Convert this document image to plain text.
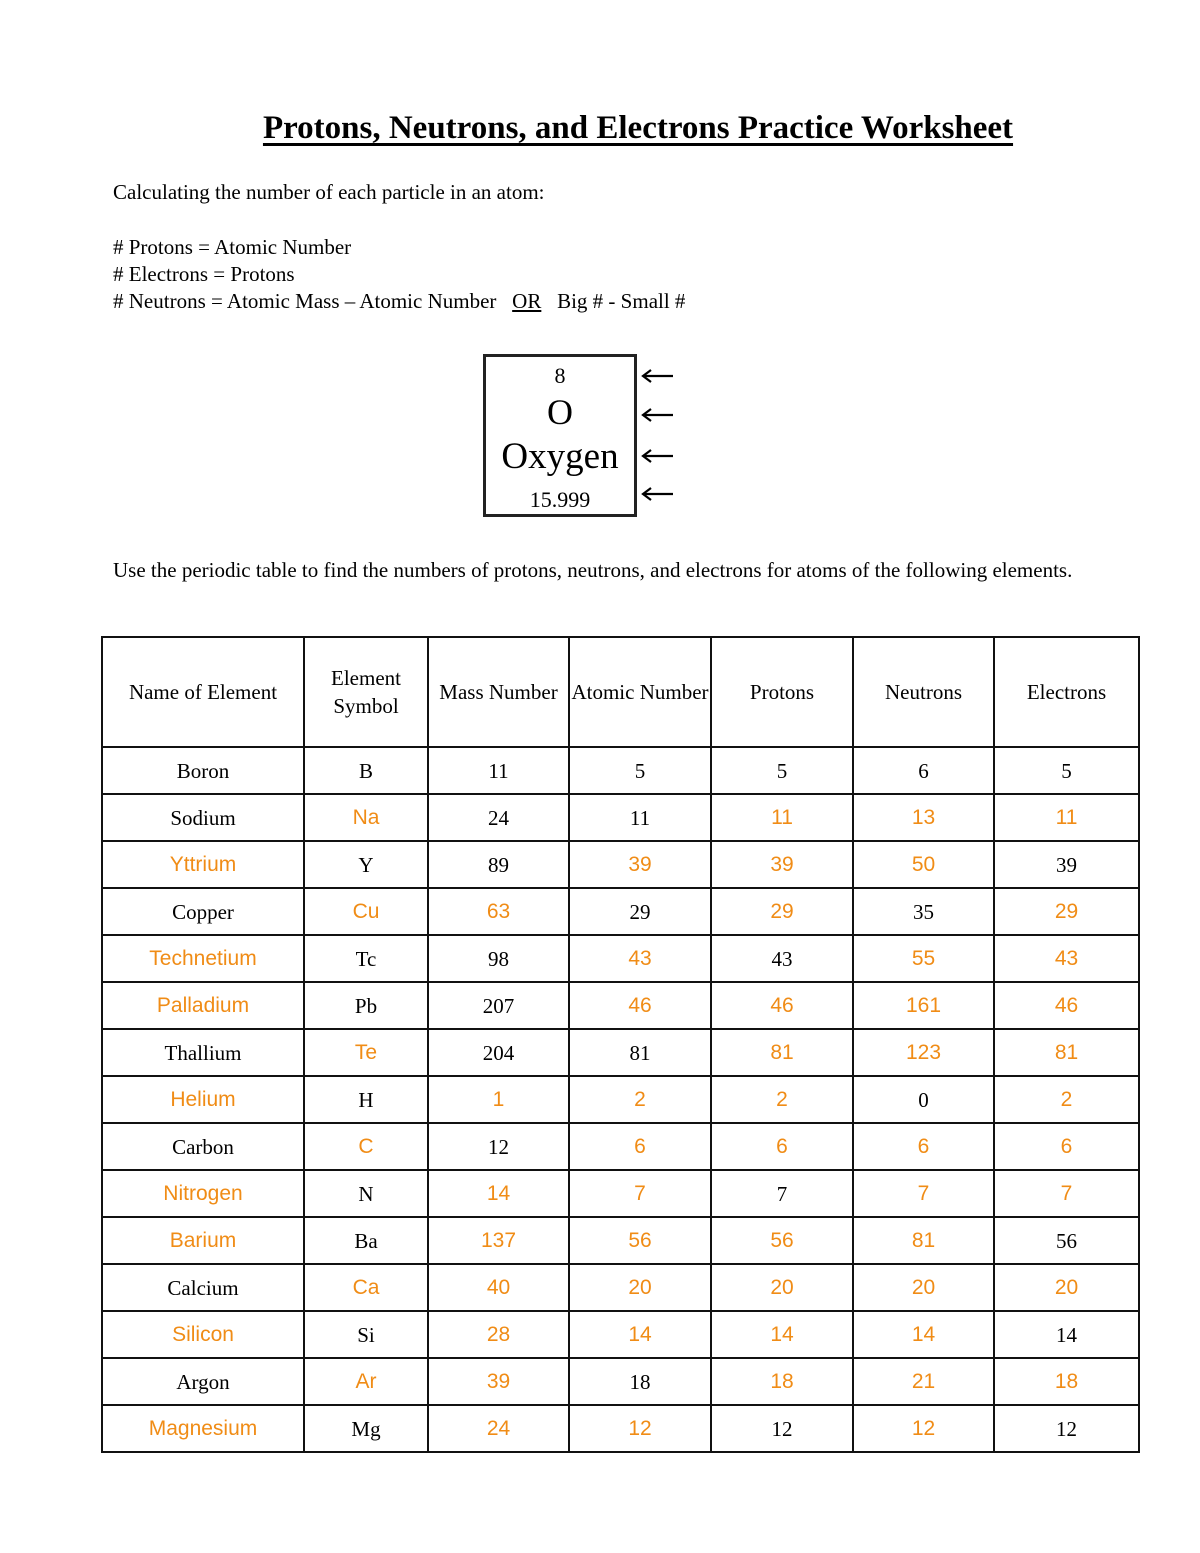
Protons, Neutrons, and Electrons Practice Worksheet
Calculating the number of each particle in an atom:
# Protons = Atomic Number
# Electrons = Protons
# Neutrons = Atomic Mass – Atomic Number OR Big # - Small #
8
O
Oxygen
15.999
Use the periodic table to find the numbers of protons, neutrons, and electrons for atoms of the following elements.
Name of Element	Element Symbol	Mass Number	Atomic Number	Protons	Neutrons	Electrons
Boron	B	11	5	5	6	5
Sodium	Na	24	11	11	13	11
Yttrium	Y	89	39	39	50	39
Copper	Cu	63	29	29	35	29
Technetium	Tc	98	43	43	55	43
Palladium	Pb	207	46	46	161	46
Thallium	Te	204	81	81	123	81
Helium	H	1	2	2	0	2
Carbon	C	12	6	6	6	6
Nitrogen	N	14	7	7	7	7
Barium	Ba	137	56	56	81	56
Calcium	Ca	40	20	20	20	20
Silicon	Si	28	14	14	14	14
Argon	Ar	39	18	18	21	18
Magnesium	Mg	24	12	12	12	12
